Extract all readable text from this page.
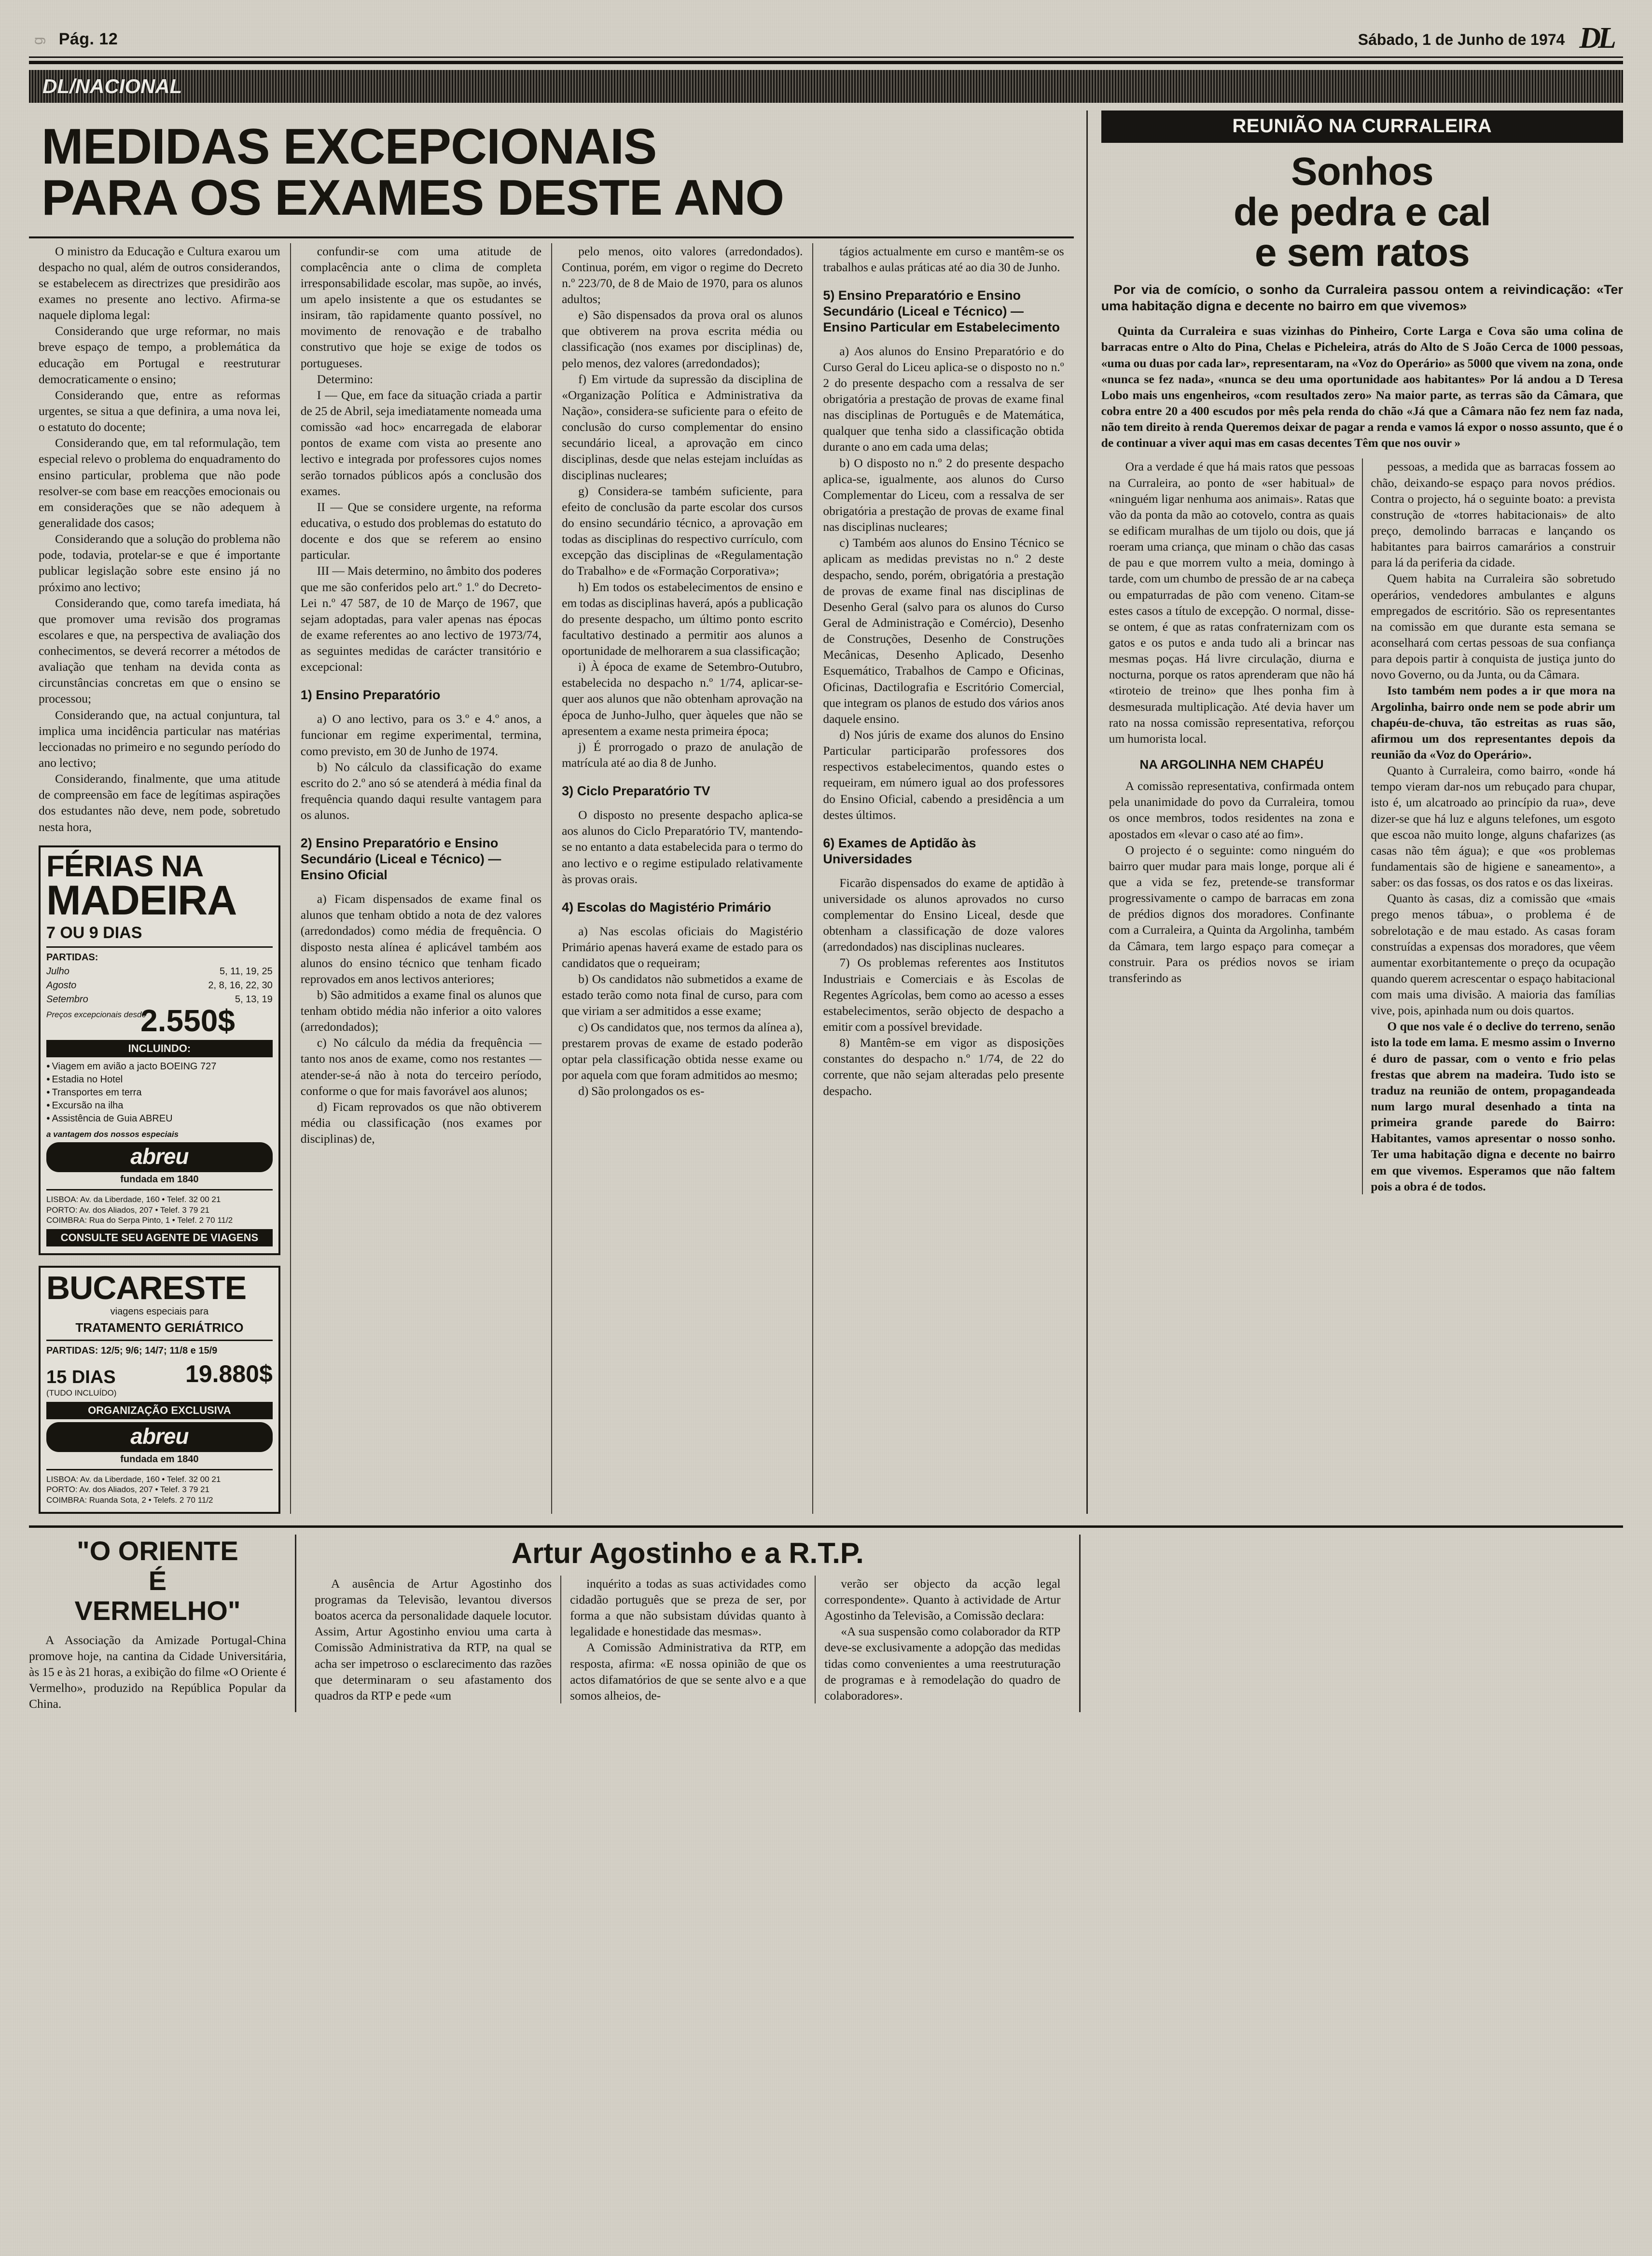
g Pág. 12	Sábado, 1 de Junho de 1974 DL
DL/NACIONAL
MEDIDAS EXCEPCIONAIS
PARA OS EXAMES DESTE ANO

O ministro da Educação e Cultura exarou um despacho no qual, além de outros considerandos, se estabelecem as directrizes que presidirão aos exames no presente ano lectivo. Afirma-se naquele diploma legal:

Considerando que urge reformar, no mais breve espaço de tempo, a problemática da educação em Portugal e reestruturar democraticamente o ensino;

Considerando que, entre as reformas urgentes, se situa a que definira, a uma nova lei, o estatuto do docente;

Considerando que, em tal reformulação, tem especial relevo o problema do enquadramento do ensino particular, problema que não pode resolver-se com base em reacções emocionais ou em considerações que se não adequem à generalidade dos casos;

Considerando que a solução do problema não pode, todavia, protelar-se e que é importante publicar legislação sobre este ensino já no próximo ano lectivo;

Considerando que, como tarefa imediata, há que promover uma revisão dos programas escolares e que, na perspectiva de avaliação dos conhecimentos, se deverá recorrer a métodos de avaliação que tenham na devida conta as circunstâncias concretas em que o ensino se processou;

Considerando que, na actual conjuntura, tal implica uma incidência particular nas matérias leccionadas no primeiro e no segundo período do ano lectivo;

Considerando, finalmente, que uma atitude de compreensão em face de legítimas aspirações dos estudantes não deve, nem pode, sobretudo nesta hora,

FÉRIAS NA
MADEIRA
7 OU 9 DIAS
PARTIDAS:
Julho	5, 11, 19, 25
Agosto	2, 8, 16, 22, 30
Setembro	5, 13, 19
Preços excepcionais desde
2.550$
INCLUINDO:
● Viagem em avião a jacto BOEING 727
● Estadia no Hotel
● Transportes em terra
● Excursão na ilha
● Assistência de Guia ABREU
a vantagem dos nossos especiais
abreu
fundada em 1840
LISBOA: Av. da Liberdade, 160 • Telef. 32 00 21
PORTO: Av. dos Aliados, 207 • Telef. 3 79 21
COIMBRA: Rua do Serpa Pinto, 1 • Telef. 2 70 11/2
CONSULTE SEU AGENTE DE VIAGENS
BUCARESTE
viagens especiais para
TRATAMENTO GERIÁTRICO
PARTIDAS: 12/5; 9/6; 14/7; 11/8 e 15/9
15 DIAS	19.880$
(TUDO INCLUÍDO)
ORGANIZAÇÃO EXCLUSIVA
abreu
fundada em 1840
LISBOA: Av. da Liberdade, 160 • Telef. 32 00 21
PORTO: Av. dos Aliados, 207 • Telef. 3 79 21
COIMBRA: Ruanda Sota, 2 • Telefs. 2 70 11/2

confundir-se com uma atitude de complacência ante o clima de completa irresponsabilidade escolar, mas supõe, ao invés, um apelo insistente a que os estudantes se insiram, tão rapidamente quanto possível, no movimento de renovação e de trabalho construtivo que hoje se exige de todos os portugueses.

Determino:

I — Que, em face da situação criada a partir de 25 de Abril, seja imediatamente nomeada uma comissão «ad hoc» encarregada de elaborar pontos de exame com vista ao presente ano lectivo e integrada por professores cujos nomes serão tornados públicos após a conclusão dos exames.

II — Que se considere urgente, na reforma educativa, o estudo dos problemas do estatuto do docente e dos que se referem ao ensino particular.

III — Mais determino, no âmbito dos poderes que me são conferidos pelo art.º 1.º do Decreto-Lei n.º 47 587, de 10 de Março de 1967, que sejam adoptadas, para valer apenas nas épocas de exame referentes ao ano lectivo de 1973/74, as seguintes medidas de carácter transitório e excepcional:

1) Ensino Preparatório

a) O ano lectivo, para os 3.º e 4.º anos, a funcionar em regime experimental, termina, como previsto, em 30 de Junho de 1974.

b) No cálculo da classificação do exame escrito do 2.º ano só se atenderá à média final da frequência quando daqui resulte vantagem para os alunos.

2) Ensino Preparatório e Ensino Secundário (Liceal e Técnico) — Ensino Oficial

a) Ficam dispensados de exame final os alunos que tenham obtido a nota de dez valores (arredondados) como média de frequência. O disposto nesta alínea é aplicável também aos alunos do ensino técnico que tenham ficado reprovados em anos lectivos anteriores;

b) São admitidos a exame final os alunos que tenham obtido média não inferior a oito valores (arredondados);

c) No cálculo da média da frequência — tanto nos anos de exame, como nos restantes — atender-se-á não à nota do terceiro período, conforme o que for mais favorável aos alunos;

d) Ficam reprovados os que não obtiverem média ou classificação (nos exames por disciplinas) de,

pelo menos, oito valores (arredondados). Continua, porém, em vigor o regime do Decreto n.º 223/70, de 8 de Maio de 1970, para os alunos adultos;

e) São dispensados da prova oral os alunos que obtiverem na prova escrita média ou classificação (nos exames por disciplinas) de, pelo menos, dez valores (arredondados);

f) Em virtude da supressão da disciplina de «Organização Política e Administrativa da Nação», considera-se suficiente para o efeito de conclusão do curso complementar do ensino secundário liceal, a aprovação em cinco disciplinas, desde que nelas estejam incluídas as disciplinas nucleares;

g) Considera-se também suficiente, para efeito de conclusão da parte escolar dos cursos do ensino secundário técnico, a aprovação em todas as disciplinas do respectivo currículo, com excepção das disciplinas de «Regulamentação do Trabalho» e de «Formação Corporativa»;

h) Em todos os estabelecimentos de ensino e em todas as disciplinas haverá, após a publicação do presente despacho, um último ponto escrito facultativo destinado a permitir aos alunos a oportunidade de melhorarem a sua classificação;

i) À época de exame de Setembro-Outubro, estabelecida no despacho n.º 1/74, aplicar-se-quer aos alunos que não obtenham aprovação na época de Junho-Julho, quer àqueles que não se apresentem a exame nesta primeira época;

j) É prorrogado o prazo de anulação de matrícula até ao dia 8 de Junho.

3) Ciclo Preparatório TV

O disposto no presente despacho aplica-se aos alunos do Ciclo Preparatório TV, mantendo-se no entanto a data estabelecida para o termo do ano lectivo e o regime estipulado relativamente às provas orais.

4) Escolas do Magistério Primário

a) Nas escolas oficiais do Magistério Primário apenas haverá exame de estado para os candidatos que o requeiram;

b) Os candidatos não submetidos a exame de estado terão como nota final de curso, para com que viriam a ser admitidos a esse exame;

c) Os candidatos que, nos termos da alínea a), prestarem provas de exame de estado poderão optar pela classificação obtida nesse exame ou por aquela com que foram admitidos ao mesmo;

d) São prolongados os es-

tágios actualmente em curso e mantêm-se os trabalhos e aulas práticas até ao dia 30 de Junho.

5) Ensino Preparatório e Ensino Secundário (Liceal e Técnico) — Ensino Particular em Estabelecimento

a) Aos alunos do Ensino Preparatório e do Curso Geral do Liceu aplica-se o disposto no n.º 2 do presente despacho com a ressalva de ser obrigatória a prestação de provas de exame final nas disciplinas de Português e de Matemática, qualquer que tenha sido a classificação obtida durante o ano em cada uma delas;

b) O disposto no n.º 2 do presente despacho aplica-se, igualmente, aos alunos do Curso Complementar do Liceu, com a ressalva de ser obrigatória a prestação de provas de exame final nas disciplinas nucleares;

c) Também aos alunos do Ensino Técnico se aplicam as medidas previstas no n.º 2 deste despacho, sendo, porém, obrigatória a prestação de provas de exame final nas disciplinas de Desenho Geral (salvo para os alunos do Curso Geral de Administração e Comércio), Desenho de Construções, Desenho de Construções Mecânicas, Desenho Aplicado, Desenho Esquemático, Trabalhos de Campo e Oficinas, Oficinas, Dactilografia e Escritório Comercial, que integram os planos de estudo dos vários anos daquele ensino.

d) Nos júris de exame dos alunos do Ensino Particular participarão professores dos respectivos estabelecimentos, quando estes o requeiram, em número igual ao dos professores do Ensino Oficial, cabendo a presidência a um destes últimos.

6) Exames de Aptidão às Universidades

Ficarão dispensados do exame de aptidão à universidade os alunos aprovados no curso complementar do Ensino Liceal, desde que obtenham a classificação de doze valores (arredondados) nas disciplinas nucleares.

7) Os problemas referentes aos Institutos Industriais e Comerciais e às Escolas de Regentes Agrícolas, bem como ao acesso a esses estabelecimentos, serão objecto de despacho a emitir com a possível brevidade.

8) Mantêm-se em vigor as disposições constantes do despacho n.º 1/74, de 22 do corrente, que não sejam alteradas pelo presente despacho.

REUNIÃO NA CURRALEIRA
Sonhos
de pedra e cal
e sem ratos

Por via de comício, o sonho da Curraleira passou ontem a reivindicação: «Ter uma habitação digna e decente no bairro em que vivemos»

Quinta da Curraleira e suas vizinhas do Pinheiro, Corte Larga e Cova são uma colina de barracas entre o Alto do Pina, Chelas e Picheleira, atrás do Alto de S João Cerca de 1000 pessoas, «uma ou duas por cada lar», representaram, na «Voz do Operário» as 5000 que vivem na zona, onde «nunca se fez nada», «nunca se deu uma oportunidade aos habitantes» Por lá andou a D Teresa Lobo mais uns engenheiros, «com resultados zero» Na maior parte, as terras são da Câmara, que cobra entre 20 a 400 escudos por mês pela renda do chão «Já que a Câmara não fez nem faz nada, não tem direito à renda Queremos deixar de pagar a renda e vamos lá expor o nosso assunto, que é o de continuar a viver aqui mas em casas decentes Têm que nos ouvir »

Ora a verdade é que há mais ratos que pessoas na Curraleira, ao ponto de «ser habitual» de «ninguém ligar nenhuma aos animais». Ratas que vão da ponta da mão ao cotovelo, contra as quais se edificam muralhas de um tijolo ou dois, que já roeram uma criança, que minam o chão das casas de pau e que morrem vulto a meia, domingo à tarde, com um chumbo de pressão de ar na cabeça ou empaturradas de pão com veneno. Citam-se estes casos a título de excepção. O normal, disse-se ontem, é que as ratas confraternizam com os gatos e os putos e anda tudo ali a brincar nas mesmas poças. Há livre circulação, diurna e nocturna, porque os ratos aprenderam que não há «tiroteio de treino» que lhes ponha fim à desmesurada multiplicação. Até devia haver um rato na nossa comissão representativa, reforçou um humorista local.

NA ARGOLINHA NEM CHAPÉU

A comissão representativa, confirmada ontem pela unanimidade do povo da Curraleira, tomou os once membros, todos residentes na zona e apostados em «levar o caso até ao fim».

O projecto é o seguinte: como ninguém do bairro quer mudar para mais longe, porque ali é que a vida se fez, pretende-se transformar progressivamente o campo de barracas em zona de prédios dignos dos moradores. Confinante com a Curraleira, a Quinta da Argolinha, também da Câmara, tem largo espaço para começar a construir. Para os prédios novos se iriam transferindo as

pessoas, a medida que as barracas fossem ao chão, deixando-se espaço para novos prédios. Contra o projecto, há o seguinte boato: a prevista construção de «torres habitacionais» de alto preço, demolindo barracas e lançando os habitantes para bairros camarários a construir para lá da periferia da cidade.

Quem habita na Curraleira são sobretudo operários, vendedores ambulantes e alguns empregados de escritório. São os representantes na comissão em que durante esta semana se aconselhará com certas pessoas de sua confiança para depois partir à conquista de justiça junto do novo Governo, ou da Junta, ou da Câmara.

Isto também nem podes a ir que mora na Argolinha, bairro onde nem se pode abrir um chapéu-de-chuva, tão estreitas as ruas são, afirmou um dos representantes depois da reunião da «Voz do Operário».

Quanto à Curraleira, como bairro, «onde há tempo vieram dar-nos um rebuçado para chupar, isto é, um alcatroado ao princípio da rua», deve dizer-se que há luz e alguns telefones, um esgoto que escoa não muito longe, alguns chafarizes (as casas não têm água); e que «os problemas fundamentais são de higiene e saneamento», a saber: os das fossas, os dos ratos e os das lixeiras.

Quanto às casas, diz a comissão que «mais prego menos tábua», o problema é de sobrelotação e de mau estado. As casas foram construídas a expensas dos moradores, que vêem aumentar exorbitantemente o preço da ocupação quando querem acrescentar o espaço habitacional com mais uma divisão. A maioria das famílias vive, pois, apinhada num ou dois quartos.

O que nos vale é o declive do terreno, senão isto la tode em lama. E mesmo assim o Inverno é duro de passar, com o vento e frio pelas frestas que abrem na madeira. Tudo isto se traduz na reunião de ontem, propagandeada num largo mural desenhado a tinta na primeira grande parede do Bairro: Habitantes, vamos apresentar o nosso sonho. Ter uma habitação digna e decente no bairro em que vivemos. Esperamos que não faltem pois a obra é de todos.

"O ORIENTE
É
VERMELHO"

A Associação da Amizade Portugal-China promove hoje, na cantina da Cidade Universitária, às 15 e às 21 horas, a exibição do filme «O Oriente é Vermelho», produzido na República Popular da China.

Artur Agostinho e a R.T.P.

A ausência de Artur Agostinho dos programas da Televisão, levantou diversos boatos acerca da personalidade daquele locutor. Assim, Artur Agostinho enviou uma carta à Comissão Administrativa da RTP, na qual se acha ser impetroso o esclarecimento das razões que determinaram o seu afastamento dos quadros da RTP e pede «um

inquérito a todas as suas actividades como cidadão português que se preza de ser, por forma a que não subsistam dúvidas quanto à legalidade e honestidade das mesmas».

A Comissão Administrativa da RTP, em resposta, afirma: «E nossa opinião de que os actos difamatórios de que se sente alvo e a que somos alheios, de-

verão ser objecto da acção legal correspondente». Quanto à actividade de Artur Agostinho da Televisão, a Comissão declara:

«A sua suspensão como colaborador da RTP deve-se exclusivamente a adopção das medidas tidas como convenientes a uma reestruturação de programas e à remodelação do quadro de colaboradores».
